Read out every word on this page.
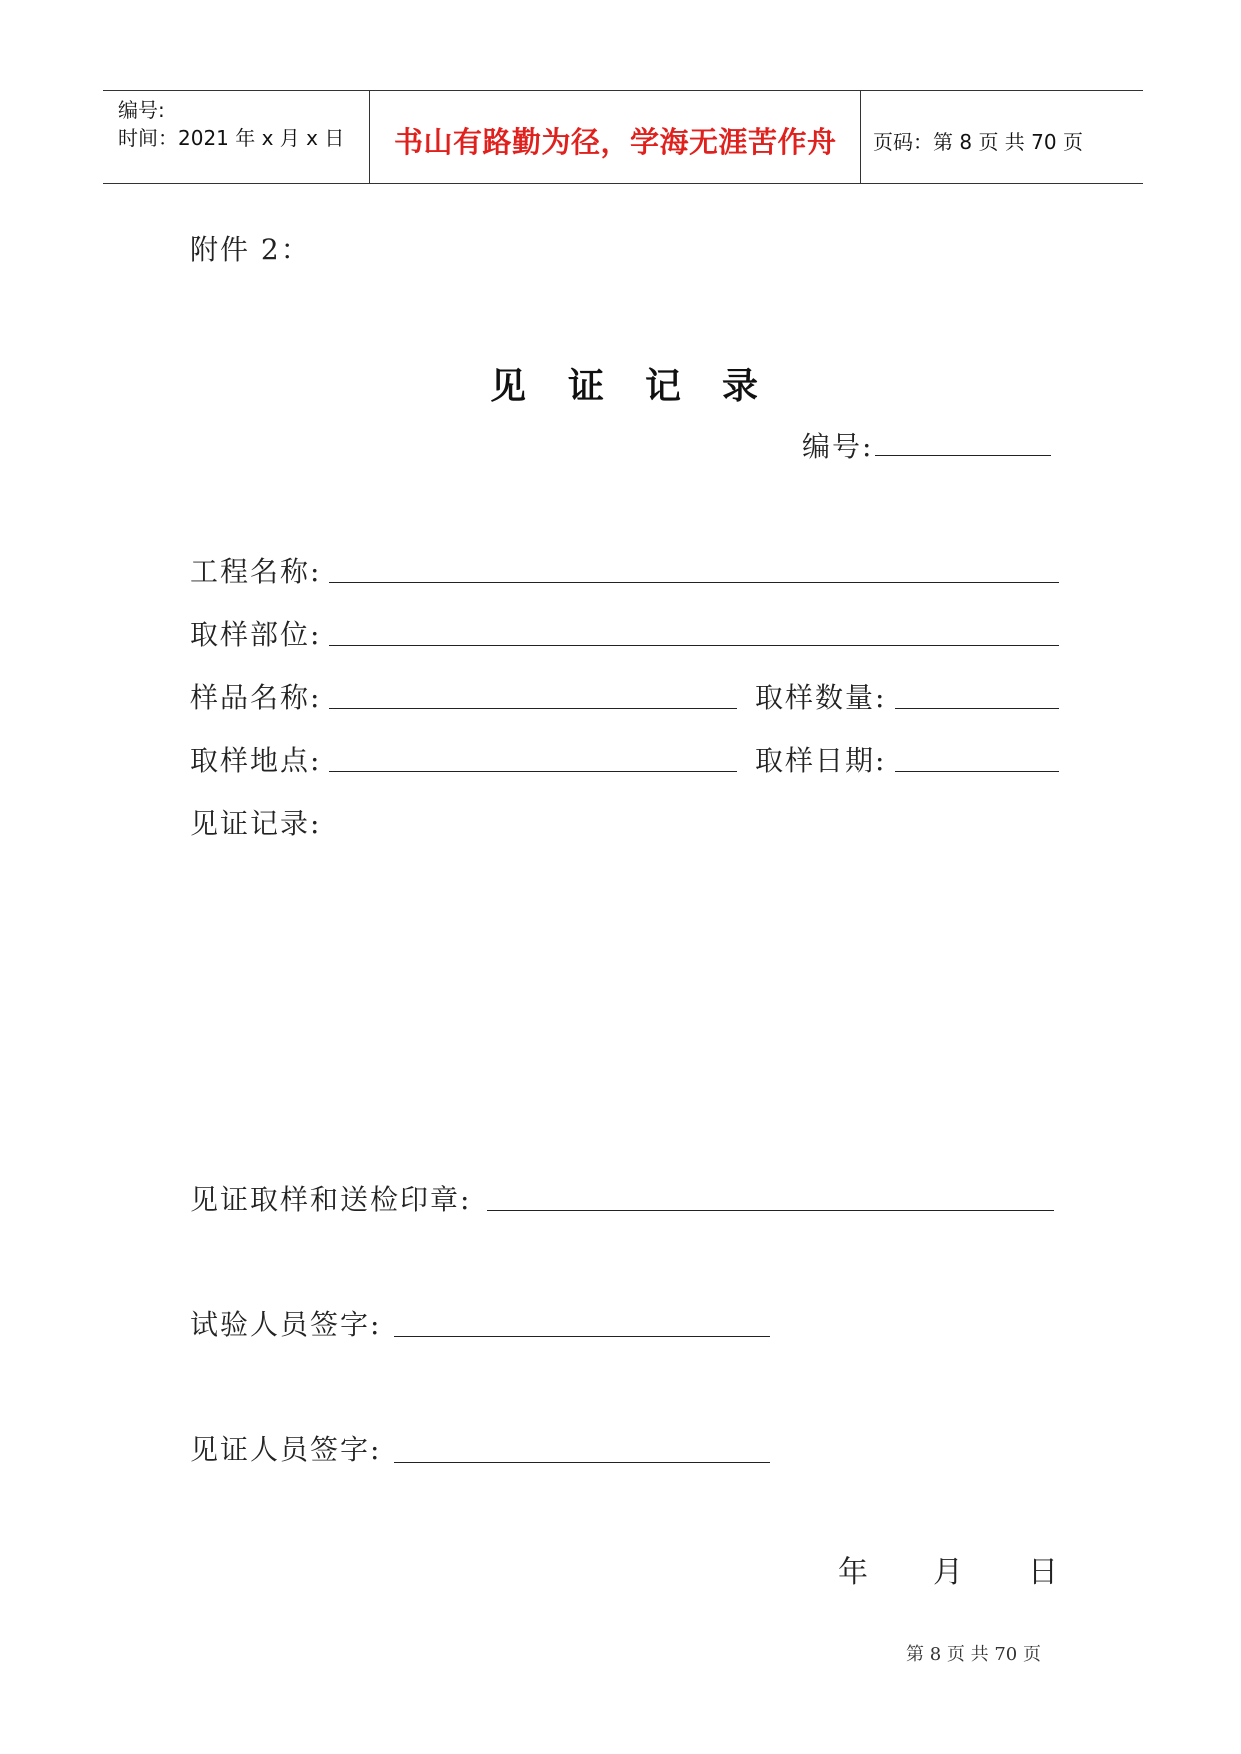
编号:
时间：2021 年 x 月 x 日 书山有路勤为径，学海无涯苦作舟 页码：第 8 页 共 70 页
附件 2：
见 证 记 录
编号:
工程名称:
取样部位:
样品名称:	取样数量:
取样地点:	取样日期:
见证记录:
见证取样和送检印章:
试验人员签字:
见证人员签字:
年 月 日
第 8 页 共 70 页
